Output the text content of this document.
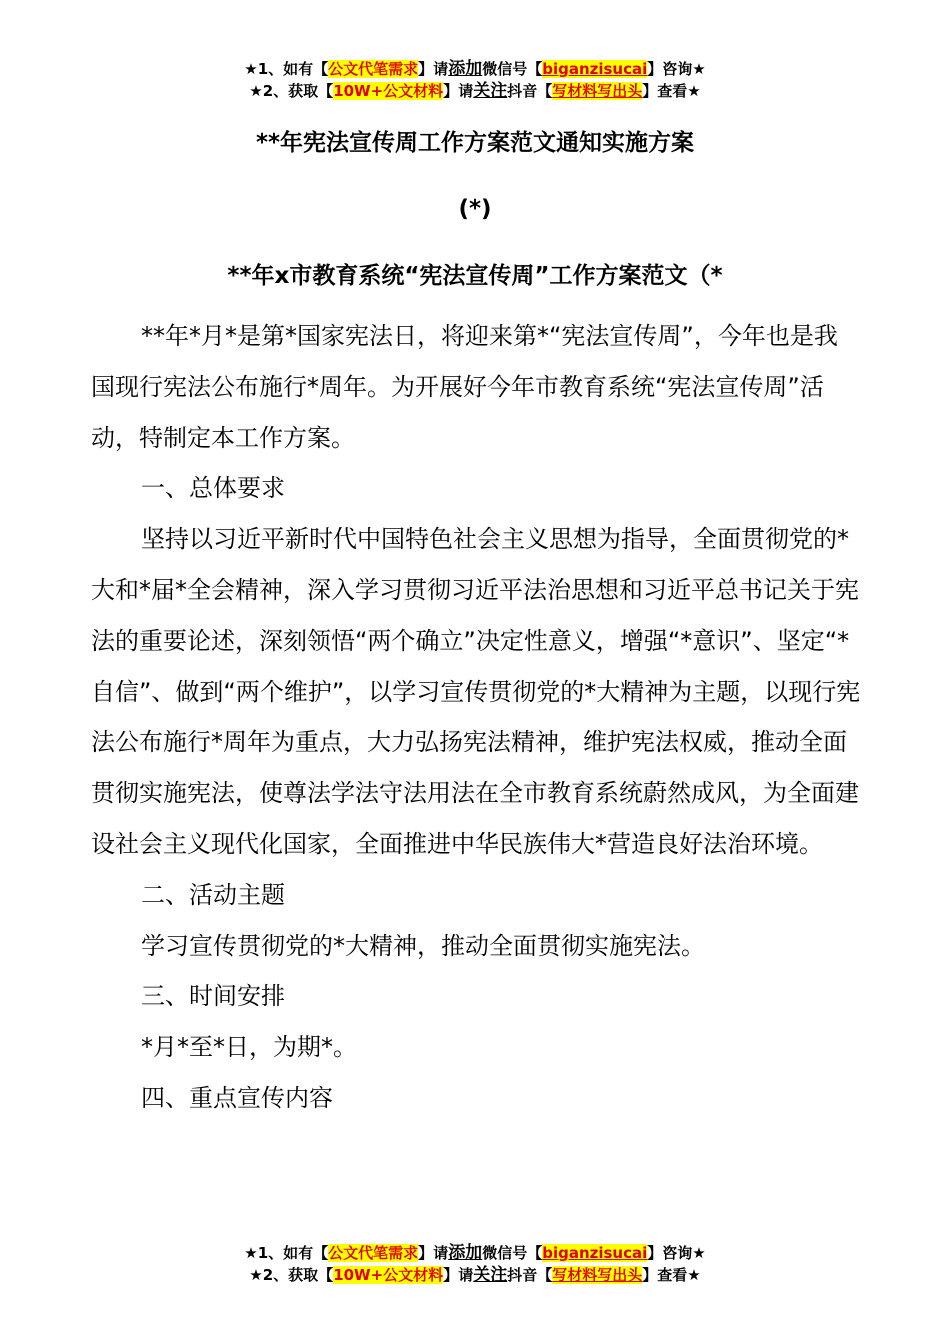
★1、如有【公文代笔需求】请添加微信号【biganzisucai】咨询★
★2、获取【10W+公文材料】请关注抖音【写材料写出头】查看★
**年宪法宣传周工作方案范文通知实施方案
(*)
**年x市教育系统“宪法宣传周”工作方案范文（*

**年*月*是第*国家宪法日，将迎来第*“宪法宣传周”，今年也是我国现行宪法公布施行*周年。为开展好今年市教育系统“宪法宣传周”活动，特制定本工作方案。

一、总体要求

坚持以习近平新时代中国特色社会主义思想为指导，全面贯彻党的*大和*届*全会精神，深入学习贯彻习近平法治思想和习近平总书记关于宪法的重要论述，深刻领悟“两个确立”决定性意义，增强“*意识”、坚定“*自信”、做到“两个维护”，以学习宣传贯彻党的*大精神为主题，以现行宪法公布施行*周年为重点，大力弘扬宪法精神，维护宪法权威，推动全面贯彻实施宪法，使尊法学法守法用法在全市教育系统蔚然成风，为全面建设社会主义现代化国家，全面推进中华民族伟大*营造良好法治环境。

二、活动主题

学习宣传贯彻党的*大精神，推动全面贯彻实施宪法。

三、时间安排

*月*至*日，为期*。

四、重点宣传内容

★1、如有【公文代笔需求】请添加微信号【biganzisucai】咨询★
★2、获取【10W+公文材料】请关注抖音【写材料写出头】查看★
